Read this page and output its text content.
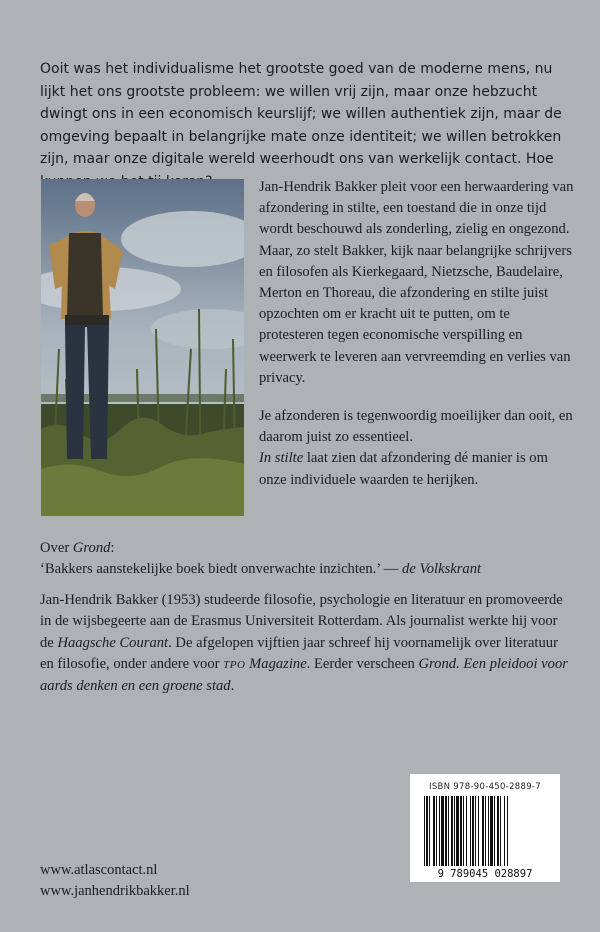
Ooit was het individualisme het grootste goed van de moderne mens, nu lijkt het ons grootste probleem: we willen vrij zijn, maar onze hebzucht dwingt ons in een economisch keurslijf; we willen authentiek zijn, maar de omgeving bepaalt in belangrijke mate onze identiteit; we willen betrokken zijn, maar onze digitale wereld weerhoudt ons van werkelijk contact. Hoe

Jan-Hendrik Bakker pleit voor een herwaardering van afzondering in stilte, een toestand die in onze tijd wordt beschouwd als zonderling, zielig en ongezond. Maar, zo stelt Bakker, kijk naar belangrijke schrijvers en filosofen als Kierkegaard, Nietzsche, Baudelaire, Merton en Thoreau, die afzondering en stilte juist opzochten om er kracht uit te putten, om te protesteren tegen economische verspilling en weerwerk te leveren aan vervreemding en verlies van privacy.

Je afzonderen is tegenwoordig moeilijker dan ooit, en daarom juist zo essentieel.
In stilte laat zien dat afzondering dé manier is om onze individuele waarden te herijken.

Over Grond:

‘Bakkers aanstekelijke boek biedt onverwachte inzichten.’ — de Volkskrant

Jan-Hendrik Bakker (1953) studeerde filosofie, psychologie en literatuur en promoveerde in de wijsbegeerte aan de Erasmus Universiteit Rotterdam. Als journalist werkte hij voor de Haagsche Courant. De afgelopen vijftien jaar schreef hij voornamelijk over literatuur en filosofie, onder andere voor TPO Magazine. Eerder verscheen Grond. Een pleidooi voor aards denken en een groene stad.

www.atlascontact.nl
www.janhendrikbakker.nl
ISBN 978-90-450-2889-7
9 789045 028897
